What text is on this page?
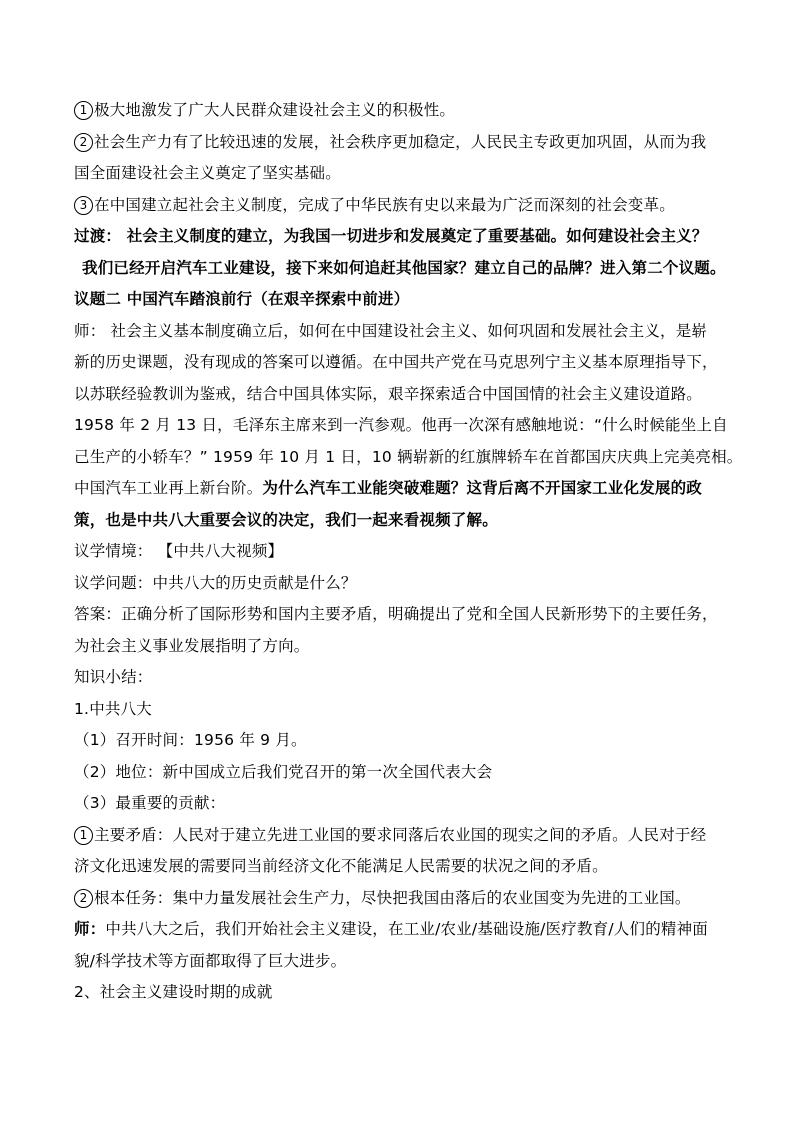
1 极大地激发了广大人民群众建设社会主义的积极性。
2 社会生产力有了比较迅速的发展，社会秩序更加稳定，人民民主专政更加巩固，从而为我
国全面建设社会主义奠定了坚实基础。
3 在中国建立起社会主义制度，完成了中华民族有史以来最为广泛而深刻的社会变革。
过渡： 社会主义制度的建立，为我国一切进步和发展奠定了重要基础。如何建设社会主义？
我们已经开启汽车工业建设，接下来如何追赶其他国家？建立自己的品牌？进入第二个议题。
议题二 中国汽车踏浪前行（在艰辛探索中前进）
师： 社会主义基本制度确立后，如何在中国建设社会主义、如何巩固和发展社会主义，是崭
新的历史课题，没有现成的答案可以遵循。在中国共产党在马克思列宁主义基本原理指导下，
以苏联经验教训为鉴戒，结合中国具体实际，艰辛探索适合中国国情的社会主义建设道路。
1958 年 2 月 13 日，毛泽东主席来到一汽参观。他再一次深有感触地说：“什么时候能坐上自
己生产的小轿车？” 1959 年 10 月 1 日，10 辆崭新的红旗牌轿车在首都国庆庆典上完美亮相。
中国汽车工业再上新台阶。为什么汽车工业能突破难题？这背后离不开国家工业化发展的政
策，也是中共八大重要会议的决定，我们一起来看视频了解。
议学情境： 【中共八大视频】
议学问题：中共八大的历史贡献是什么？
答案：正确分析了国际形势和国内主要矛盾，明确提出了党和全国人民新形势下的主要任务，
为社会主义事业发展指明了方向。
知识小结：
1.中共八大
（1）召开时间：1956 年 9 月。
（2）地位：新中国成立后我们党召开的第一次全国代表大会
（3）最重要的贡献：
1 主要矛盾：人民对于建立先进工业国的要求同落后农业国的现实之间的矛盾。人民对于经
济文化迅速发展的需要同当前经济文化不能满足人民需要的状况之间的矛盾。
2 根本任务：集中力量发展社会生产力，尽快把我国由落后的农业国变为先进的工业国。
师：中共八大之后，我们开始社会主义建设，在工业/农业/基础设施/医疗教育/人们的精神面
貌/科学技术等方面都取得了巨大进步。
2、社会主义建设时期的成就
